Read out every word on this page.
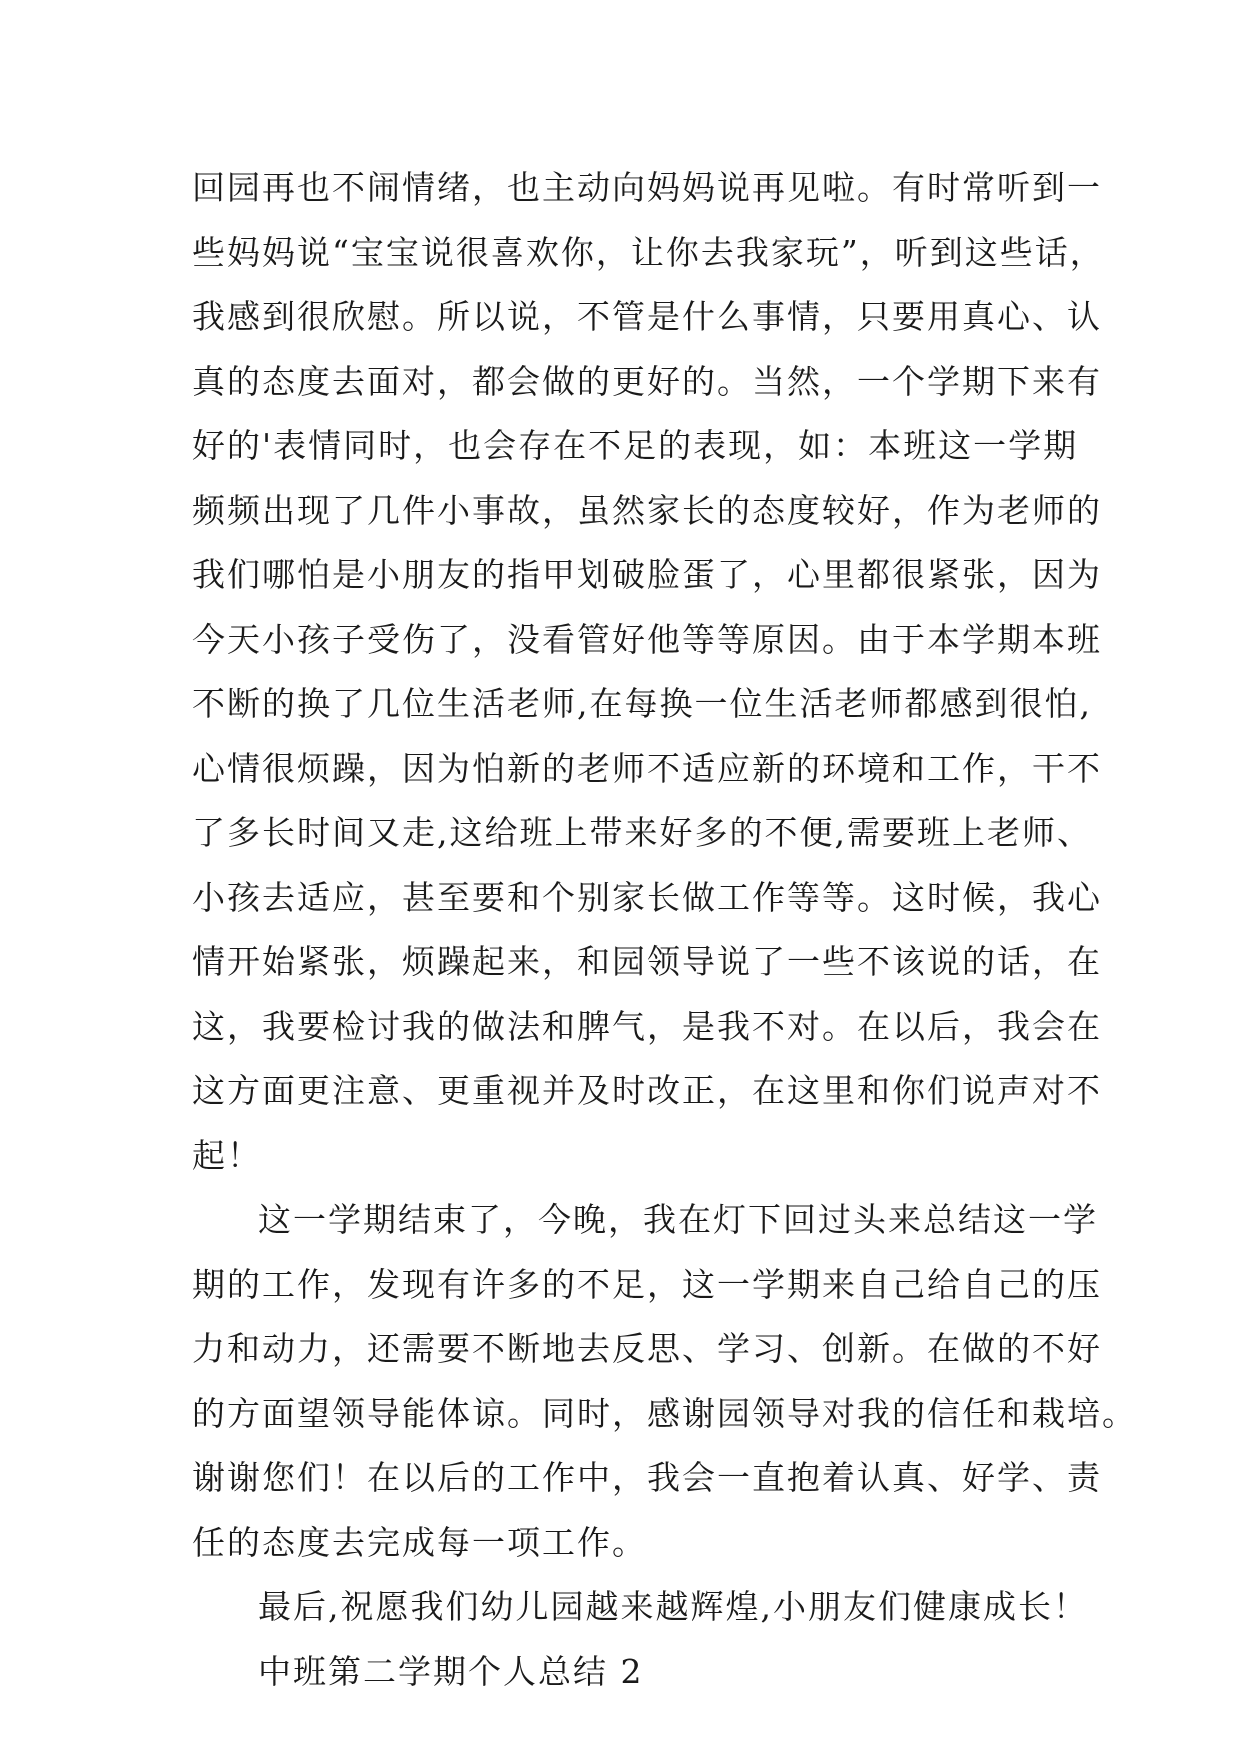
回园再也不闹情绪，也主动向妈妈说再见啦。有时常听到一
些妈妈说“宝宝说很喜欢你，让你去我家玩”，听到这些话，
我感到很欣慰。所以说，不管是什么事情，只要用真心、认
真的态度去面对，都会做的更好的。当然，一个学期下来有
好的'表情同时，也会存在不足的表现，如：本班这一学期
频频出现了几件小事故，虽然家长的态度较好，作为老师的
我们哪怕是小朋友的指甲划破脸蛋了，心里都很紧张，因为
今天小孩子受伤了，没看管好他等等原因。由于本学期本班
不断的换了几位生活老师,在每换一位生活老师都感到很怕,
心情很烦躁，因为怕新的老师不适应新的环境和工作，干不
了多长时间又走,这给班上带来好多的不便,需要班上老师、
小孩去适应，甚至要和个别家长做工作等等。这时候，我心
情开始紧张，烦躁起来，和园领导说了一些不该说的话，在
这，我要检讨我的做法和脾气，是我不对。在以后，我会在
这方面更注意、更重视并及时改正，在这里和你们说声对不
起！
这一学期结束了，今晚，我在灯下回过头来总结这一学
期的工作，发现有许多的不足，这一学期来自己给自己的压
力和动力，还需要不断地去反思、学习、创新。在做的不好
的方面望领导能体谅。同时，感谢园领导对我的信任和栽培。
谢谢您们！在以后的工作中，我会一直抱着认真、好学、责
任的态度去完成每一项工作。
最后,祝愿我们幼儿园越来越辉煌,小朋友们健康成长！
中班第二学期个人总结 2
